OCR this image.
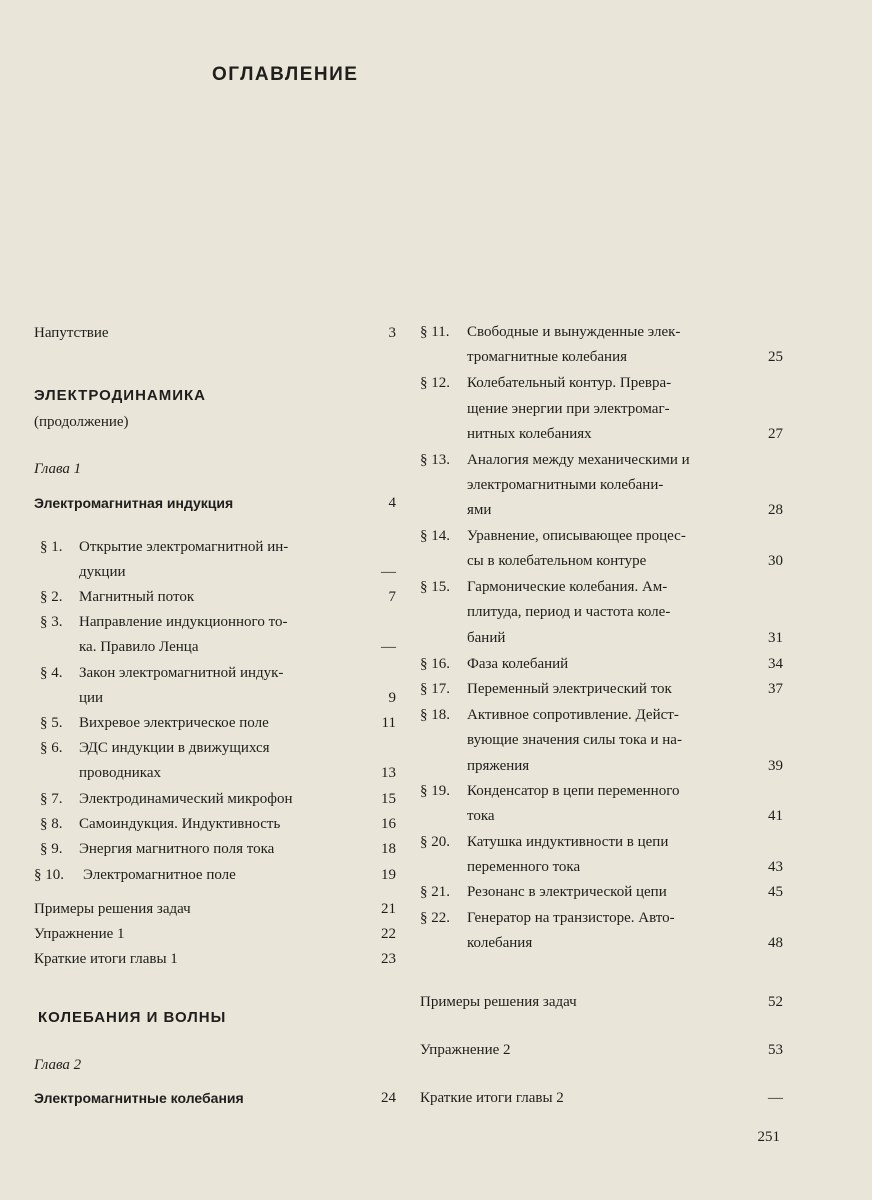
ОГЛАВЛЕНИЕ
Напутствие	3
ЭЛЕКТРОДИНАМИКА
(продолжение)
Глава 1
Электромагнитная индукция	4
§ 1. Открытие электромагнитной ин-
дукции	—
§ 2. Магнитный поток	7
§ 3. Направление индукционного то-
ка. Правило Ленца	—
§ 4. Закон электромагнитной индук-
ции	9
§ 5. Вихревое электрическое поле	11
§ 6. ЭДС индукции в движущихся
проводниках	13
§ 7. Электродинамический микрофон	15
§ 8. Самоиндукция. Индуктивность	16
§ 9. Энергия магнитного поля тока	18
§ 10. Электромагнитное поле	19
Примеры решения задач	21
Упражнение 1	22
Краткие итоги главы 1	23
КОЛЕБАНИЯ И ВОЛНЫ
Глава 2
Электромагнитные колебания	24
§ 11. Свободные и вынужденные элек-
тромагнитные колебания	25
§ 12. Колебательный контур. Превра-
щение энергии при электромаг-
нитных колебаниях	27
§ 13. Аналогия между механическими и
электромагнитными колебани-
ями	28
§ 14. Уравнение, описывающее процес-
сы в колебательном контуре	30
§ 15. Гармонические колебания. Ам-
плитуда, период и частота коле-
баний	31
§ 16. Фаза колебаний	34
§ 17. Переменный электрический ток	37
§ 18. Активное сопротивление. Дейст-
вующие значения силы тока и на-
пряжения	39
§ 19. Конденсатор в цепи переменного
тока	41
§ 20. Катушка индуктивности в цепи
переменного тока	43
§ 21. Резонанс в электрической цепи	45
§ 22. Генератор на транзисторе. Авто-
колебания	48
Примеры решения задач	52
Упражнение 2	53
Краткие итоги главы 2	—
251
